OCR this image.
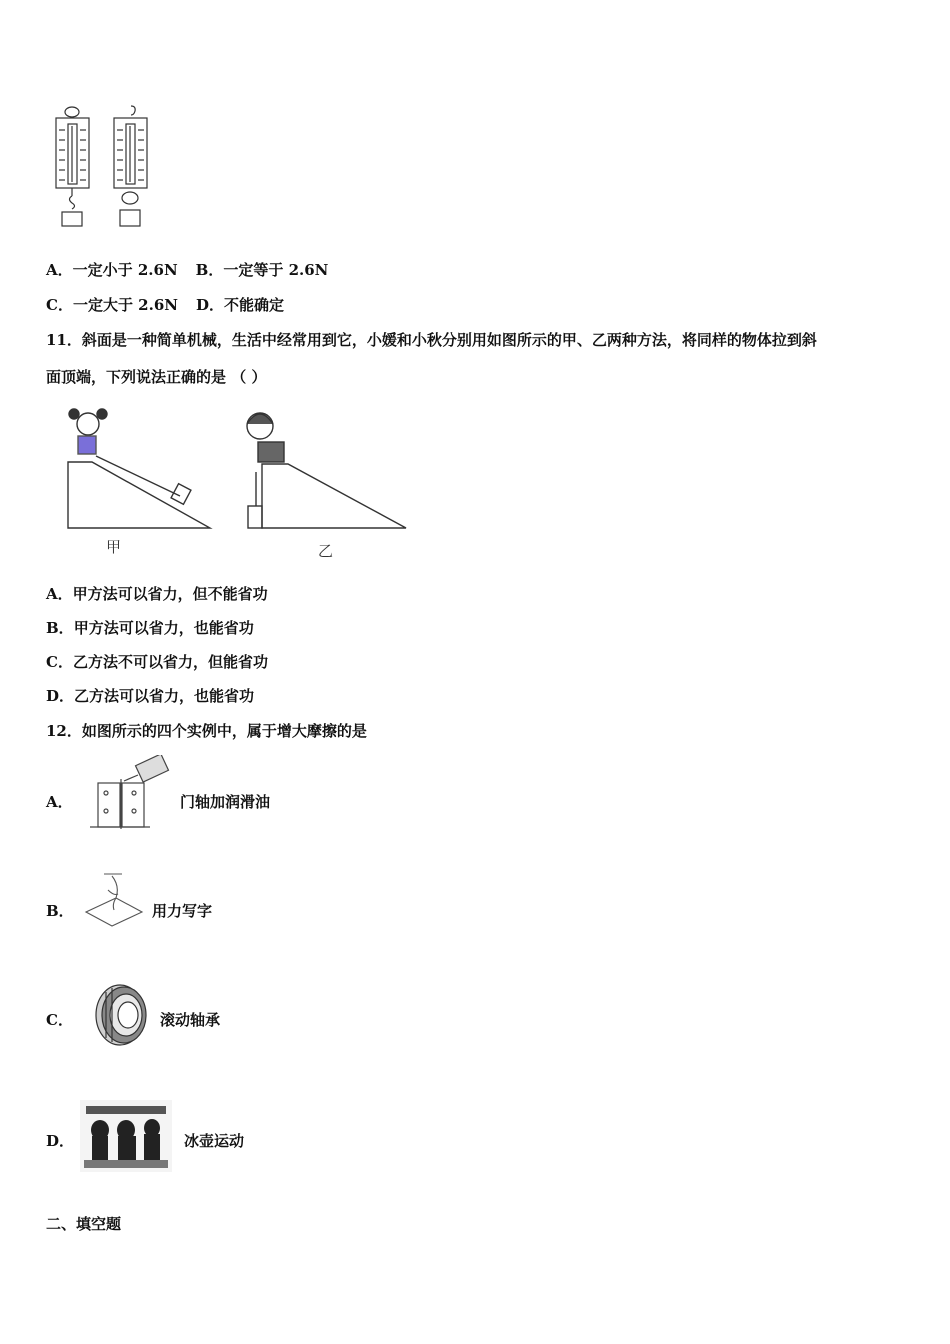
A．一定小于 2.6N B．一定等于 2.6N
C．一定大于 2.6N D．不能确定
11．斜面是一种简单机械，生活中经常用到它，小媛和小秋分别用如图所示的甲、乙两种方法，将同样的物体拉到斜
面顶端，下列说法正确的是 （ ）
甲	乙
A．甲方法可以省力，但不能省功
B．甲方法可以省力，也能省功
C．乙方法不可以省力，但能省功
D．乙方法可以省力，也能省功
12．如图所示的四个实例中，属于增大摩擦的是
A．	门轴加润滑油
B．	用力写字
C．	滚动轴承
D．	冰壶运动
二、填空题
